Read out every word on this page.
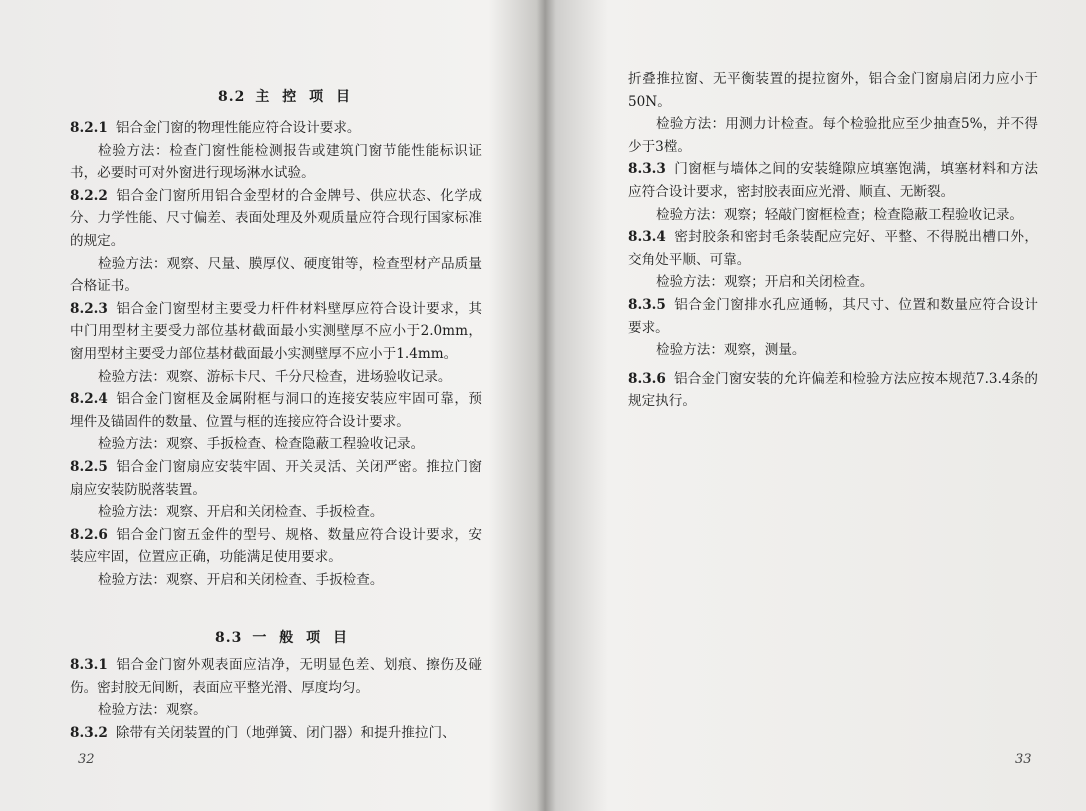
8.2 主 控 项 目

8.2.1 铝合金门窗的物理性能应符合设计要求。

检验方法：检查门窗性能检测报告或建筑门窗节能性能标识证书，必要时可对外窗进行现场淋水试验。

8.2.2 铝合金门窗所用铝合金型材的合金牌号、供应状态、化学成分、力学性能、尺寸偏差、表面处理及外观质量应符合现行国家标准的规定。

检验方法：观察、尺量、膜厚仪、硬度钳等，检查型材产品质量合格证书。

8.2.3 铝合金门窗型材主要受力杆件材料壁厚应符合设计要求，其中门用型材主要受力部位基材截面最小实测壁厚不应小于2.0mm，窗用型材主要受力部位基材截面最小实测壁厚不应小于1.4mm。

检验方法：观察、游标卡尺、千分尺检查，进场验收记录。

8.2.4 铝合金门窗框及金属附框与洞口的连接安装应牢固可靠，预埋件及锚固件的数量、位置与框的连接应符合设计要求。

检验方法：观察、手扳检查、检查隐蔽工程验收记录。

8.2.5 铝合金门窗扇应安装牢固、开关灵活、关闭严密。推拉门窗扇应安装防脱落装置。

检验方法：观察、开启和关闭检查、手扳检查。

8.2.6 铝合金门窗五金件的型号、规格、数量应符合设计要求，安装应牢固，位置应正确，功能满足使用要求。

检验方法：观察、开启和关闭检查、手扳检查。

8.3 一 般 项 目

8.3.1 铝合金门窗外观表面应洁净，无明显色差、划痕、擦伤及碰伤。密封胶无间断，表面应平整光滑、厚度均匀。

检验方法：观察。

8.3.2 除带有关闭装置的门（地弹簧、闭门器）和提升推拉门、

32

折叠推拉窗、无平衡装置的提拉窗外，铝合金门窗扇启闭力应小于50N。

检验方法：用测力计检查。每个检验批应至少抽查5%，并不得少于3樘。

8.3.3 门窗框与墙体之间的安装缝隙应填塞饱满，填塞材料和方法应符合设计要求，密封胶表面应光滑、顺直、无断裂。

检验方法：观察；轻敲门窗框检查；检查隐蔽工程验收记录。

8.3.4 密封胶条和密封毛条装配应完好、平整、不得脱出槽口外，交角处平顺、可靠。

检验方法：观察；开启和关闭检查。

8.3.5 铝合金门窗排水孔应通畅，其尺寸、位置和数量应符合设计要求。

检验方法：观察，测量。

8.3.6 铝合金门窗安装的允许偏差和检验方法应按本规范7.3.4条的规定执行。

33
